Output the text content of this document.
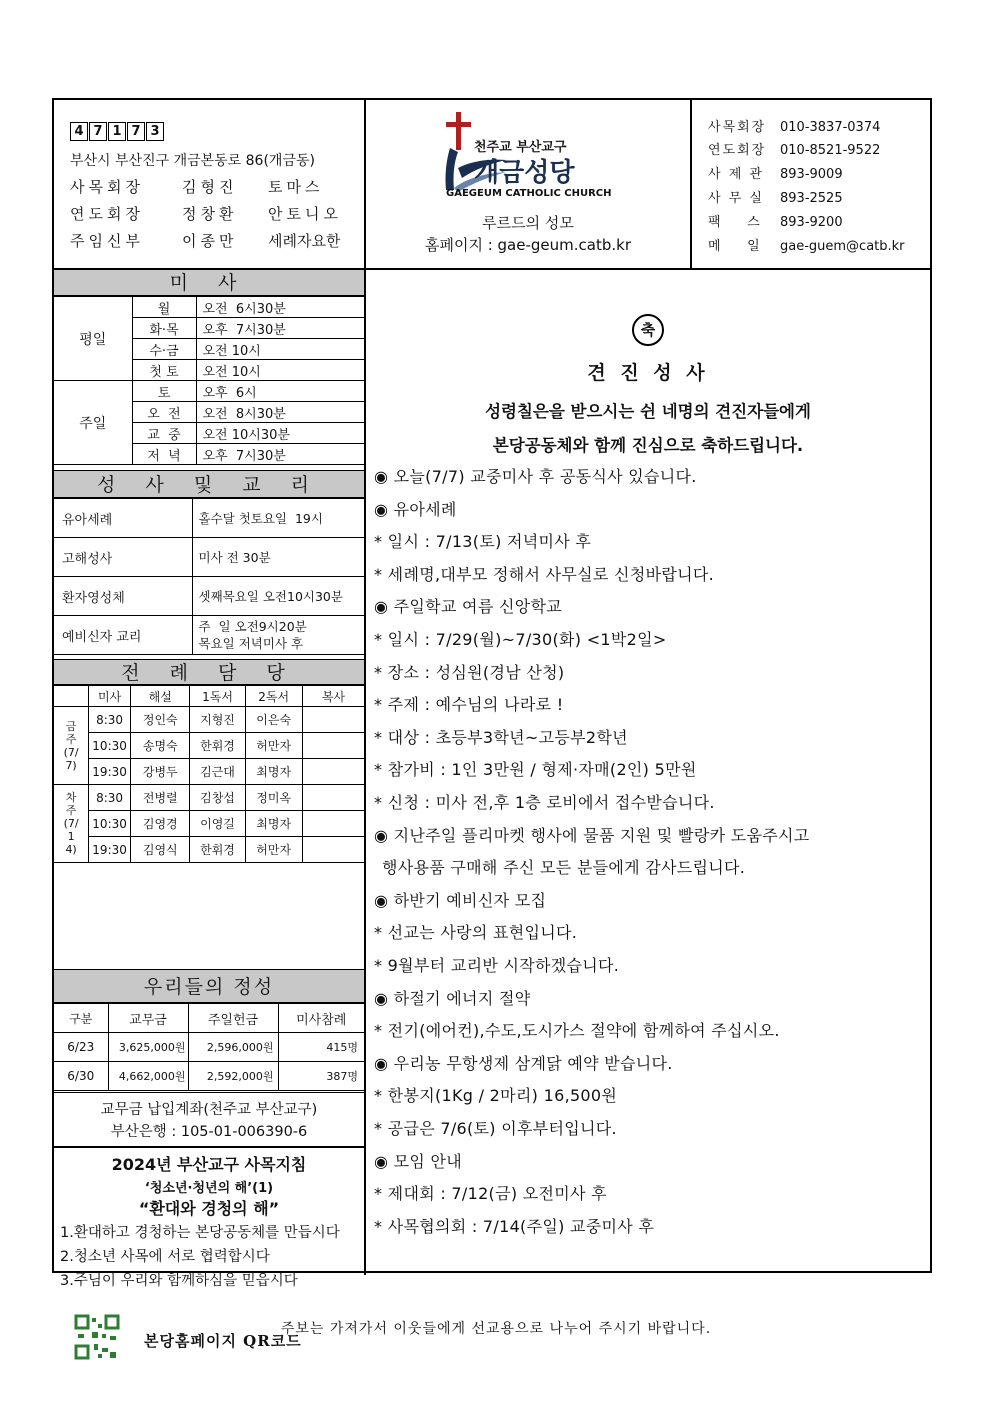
4 7 1 7 3
부산시 부산진구 개금본동로 86(개금동)
사목회장	김형진 토마스
연도회장	정창환 안토니오
주임신부	이종만 세례자요한
천주교 부산교구
개금성당
GAEGEUM CATHOLIC CHURCH
루르드의 성모
홈페이지 : gae-geum.catb.kr
사목회장 010-3837-0374
연도회장 010-8521-9522
사 제 관 893-9009
사 무 실 893-2525
팩    스 893-9200
메    일 gae-guem@catb.kr
미 사
평일	월	오전  6시30분
	화·목	오후  7시30분
	수·금	오전 10시
	첫 토	오전 10시
주일	토	오후  6시
	오  전	오전  8시30분
	교  중	오전 10시30분
	저  녁	오후  7시30분
성 사 및 교 리
유아세례	홀수달 첫토요일  19시
고해성사	미사 전 30분
환자영성체	셋째목요일 오전10시30분
예비신자 교리	주  일 오전9시20분
목요일 저녁미사 후
전 례 담 당
	미사	해설	1독서	2독서	복사
금주(7/7)	8:30	정인숙	지형진	이은숙	
	10:30	송명숙	한휘경	허만자	
	19:30	강병두	김근대	최명자	
차주(7/14)	8:30	전병렬	김창섭	정미옥	
	10:30	김영경	이영길	최명자	
	19:30	김영식	한휘경	허만자	
우리들의 정성
구분	교무금	주일헌금	미사참례
6/23	3,625,000원	2,596,000원	415명
6/30	4,662,000원	2,592,000원	387명
교무금 납입계좌(천주교 부산교구)
부산은행 : 105-01-006390-6
2024년 부산교구 사목지침
‘청소년·청년의 해’(1)
“환대와 경청의 해”
1.환대하고 경청하는 본당공동체를 만듭시다
2.청소년 사목에 서로 협력합시다
3.주님이 우리와 함께하심을 믿읍시다
본당홈페이지 QR코드
축
견 진 성 사
성령칠은을 받으시는 쉰 네명의 견진자들에게
본당공동체와 함께 진심으로 축하드립니다.
◉ 오늘(7/7) 교중미사 후 공동식사 있습니다.
◉ 유아세례
* 일시 : 7/13(토) 저녁미사 후
* 세례명,대부모 정해서 사무실로 신청바랍니다.
◉ 주일학교 여름 신앙학교
* 일시 : 7/29(월)~7/30(화) <1박2일>
* 장소 : 성심원(경남 산청)
* 주제 : 예수님의 나라로 !
* 대상 : 초등부3학년~고등부2학년
* 참가비 : 1인 3만원 / 형제·자매(2인) 5만원
* 신청 : 미사 전,후 1층 로비에서 접수받습니다.
◉ 지난주일 플리마켓 행사에 물품 지원 및 빨랑카 도움주시고
행사용품 구매해 주신 모든 분들에게 감사드립니다.
◉ 하반기 예비신자 모집
* 선교는 사랑의 표현입니다.
* 9월부터 교리반 시작하겠습니다.
◉ 하절기 에너지 절약
* 전기(에어컨),수도,도시가스 절약에 함께하여 주십시오.
◉ 우리농 무항생제 삼계닭 예약 받습니다.
* 한봉지(1Kg / 2마리) 16,500원
* 공급은 7/6(토) 이후부터입니다.
◉ 모임 안내
* 제대회 : 7/12(금) 오전미사 후
* 사목협의회 : 7/14(주일) 교중미사 후
주보는 가져가서 이웃들에게 선교용으로 나누어 주시기 바랍니다.
